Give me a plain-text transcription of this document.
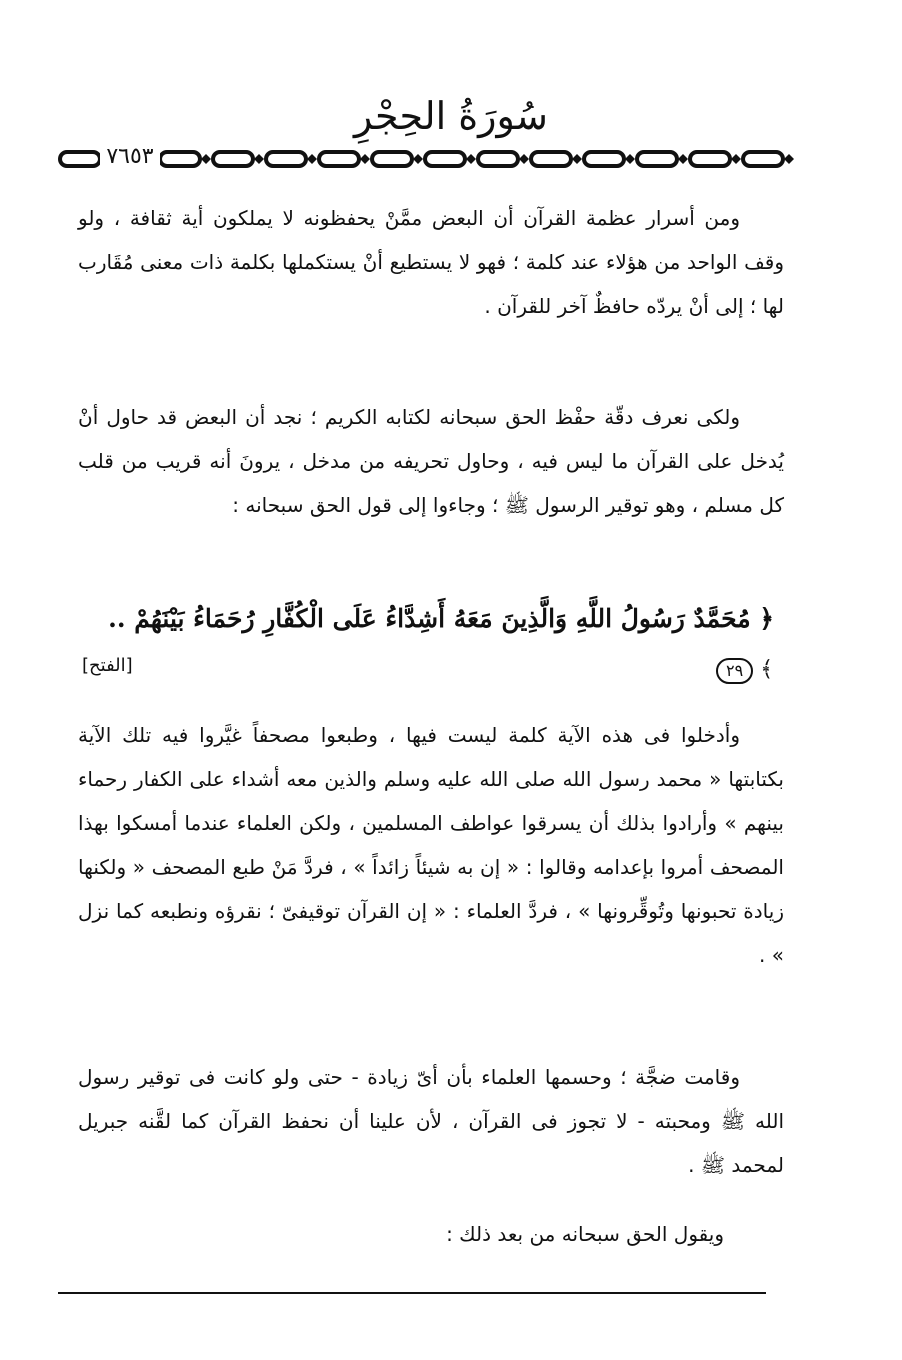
سُورَةُ الحِجْرِ
٧٦٥٣

ومن أسرار عظمة القرآن أن البعض ممَّنْ يحفظونه لا يملكون أية ثقافة ، ولو وقف الواحد من هؤلاء عند كلمة ؛ فهو لا يستطيع أنْ يستكملها بكلمة ذات معنى مُقَارب لها ؛ إلى أنْ يردّه حافظٌ آخر للقرآن .

ولكى نعرف دقّة حفْظ الحق سبحانه لكتابه الكريم ؛ نجد أن البعض قد حاول أنْ يُدخل على القرآن ما ليس فيه ، وحاول تحريفه من مدخل ، يرونَ أنه قريب من قلب كل مسلم ، وهو توقير الرسول ﷺ ؛ وجاءوا إلى قول الحق سبحانه :

﴿ مُحَمَّدٌ رَسُولُ اللَّهِ وَالَّذِينَ مَعَهُ أَشِدَّاءُ عَلَى الْكُفَّارِ رُحَمَاءُ بَيْنَهُمْ ..
﴾ ٢٩
[الفتح]

وأدخلوا فى هذه الآية كلمة ليست فيها ، وطبعوا مصحفاً غيَّروا فيه تلك الآية بكتابتها « محمد رسول الله صلى الله عليه وسلم والذين معه أشداء على الكفار رحماء بينهم » وأرادوا بذلك أن يسرقوا عواطف المسلمين ، ولكن العلماء عندما أمسكوا بهذا المصحف أمروا بإعدامه وقالوا : « إن به شيئاً زائداً » ، فردَّ مَنْ طبع المصحف « ولكنها زيادة تحبونها وتُوقِّرونها » ، فردَّ العلماء : « إن القرآن توقيفىّ ؛ نقرؤه ونطبعه كما نزل » .

وقامت ضجَّة ؛ وحسمها العلماء بأن أىّ زيادة - حتى ولو كانت فى توقير رسول الله ﷺ ومحبته - لا تجوز فى القرآن ، لأن علينا أن نحفظ القرآن كما لقَّنه جبريل لمحمد ﷺ .

ويقول الحق سبحانه من بعد ذلك :
